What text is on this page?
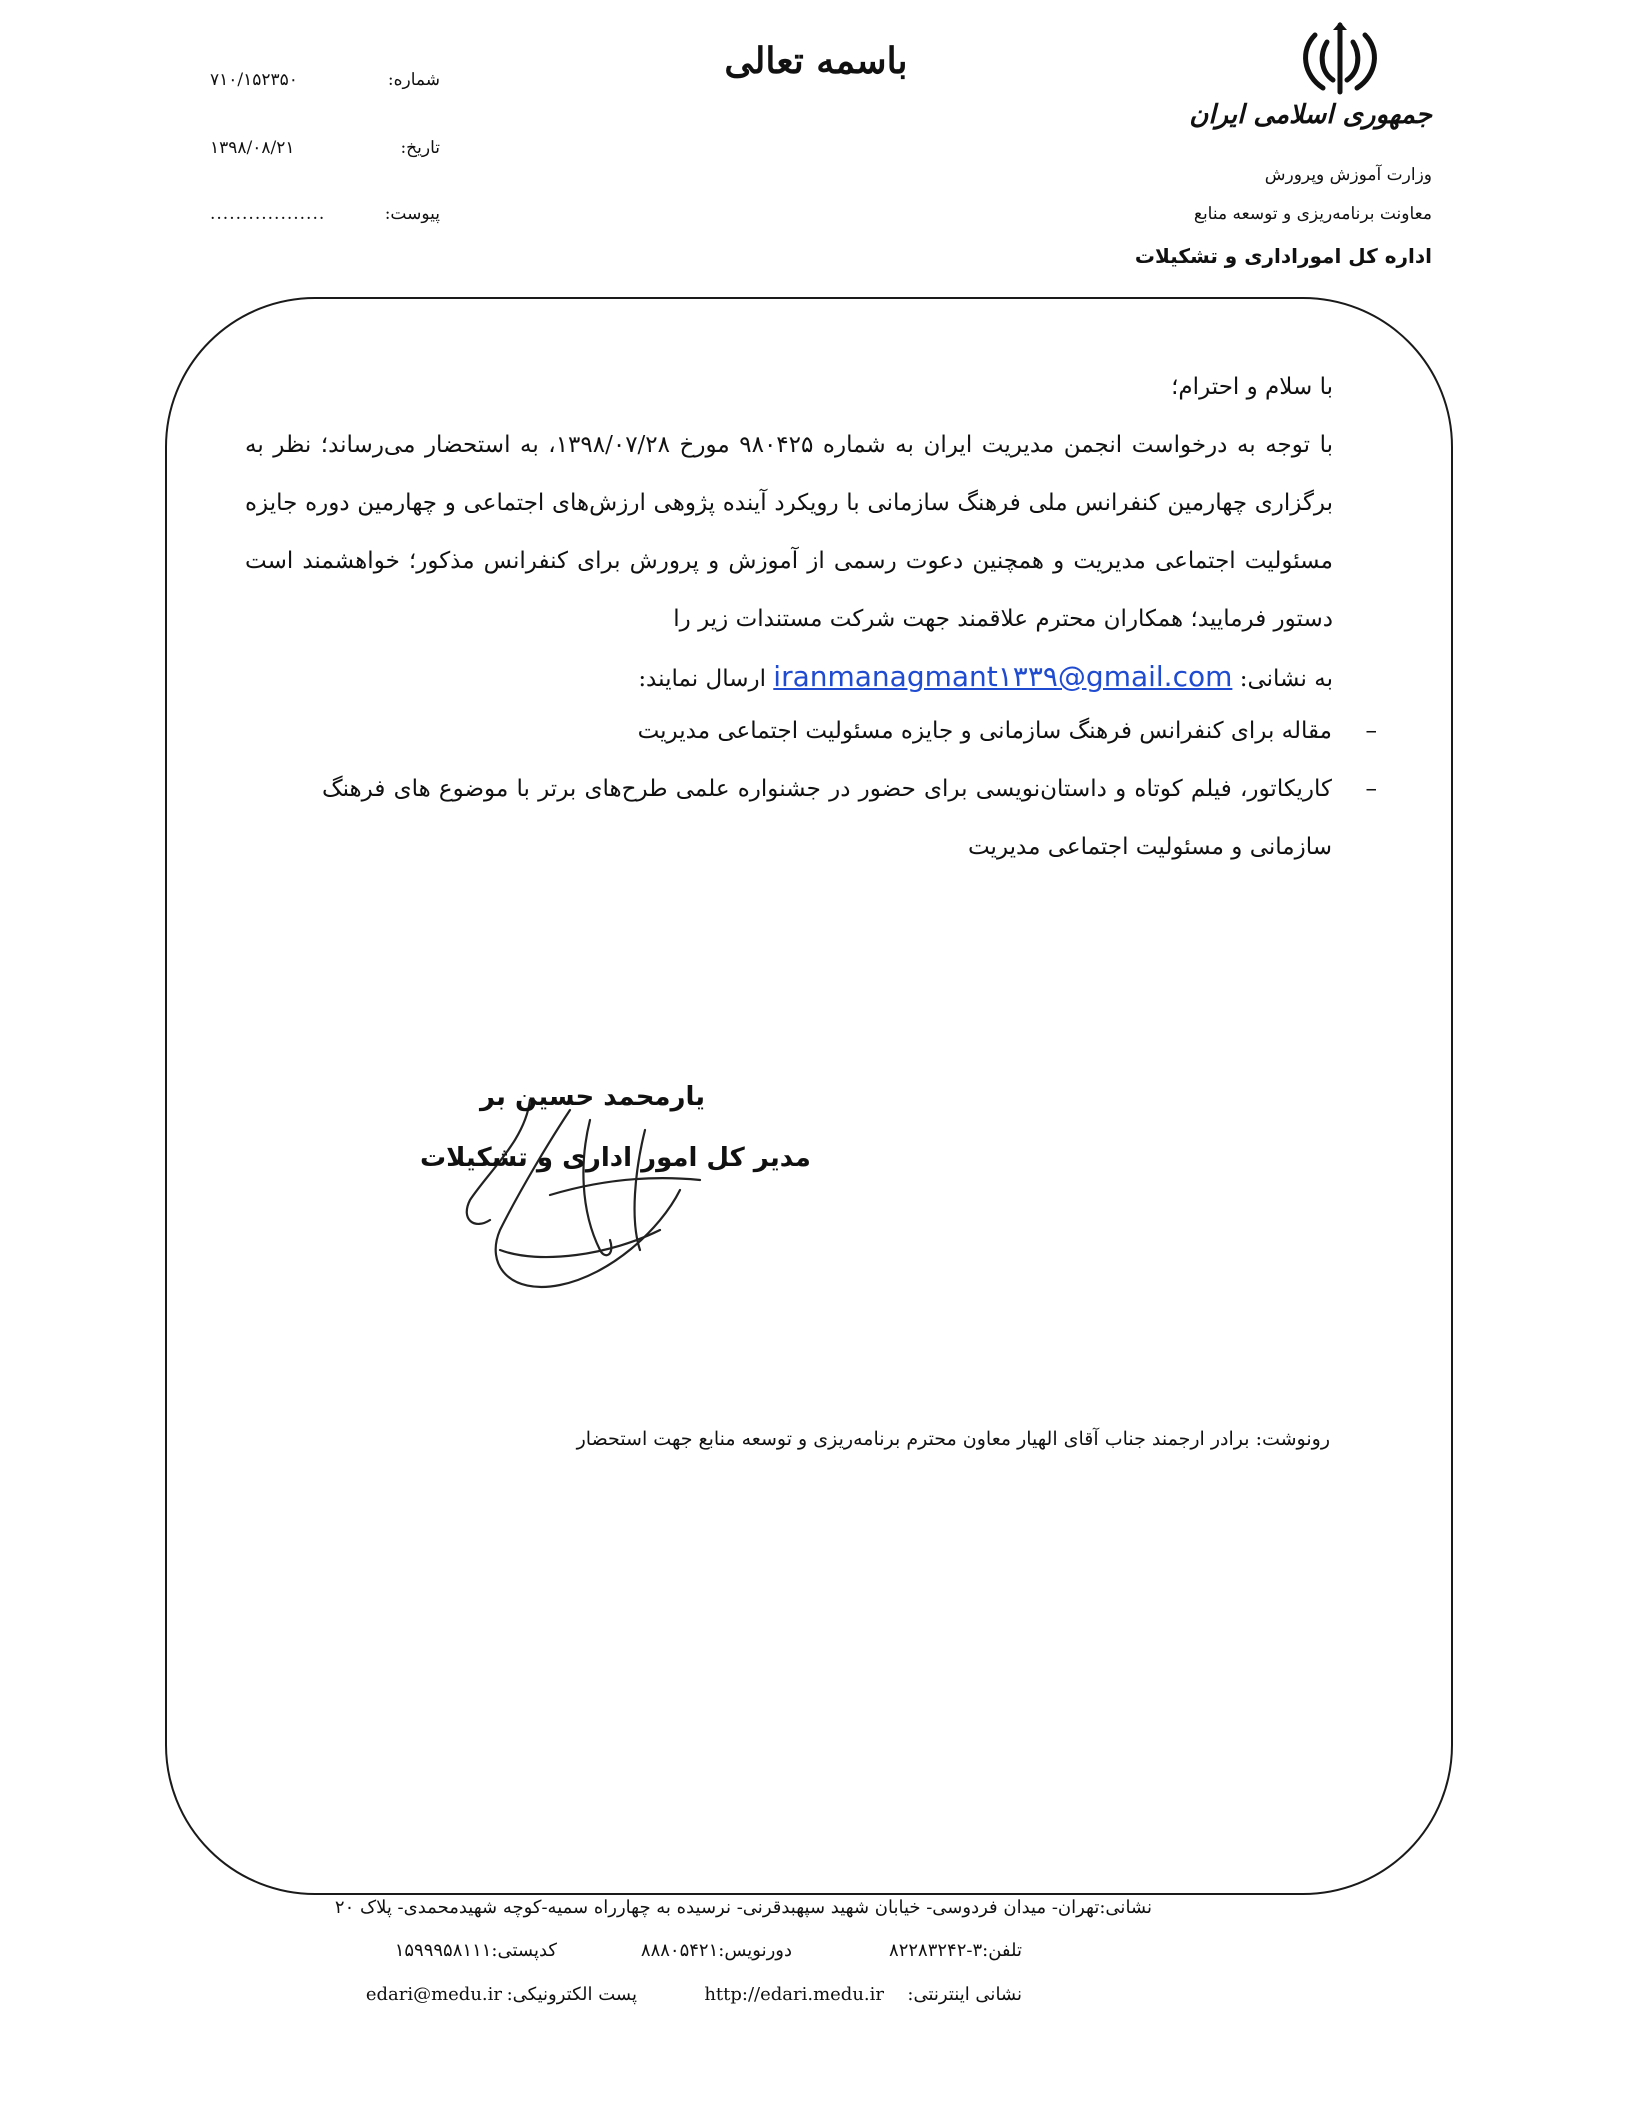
باسمه تعالی
شماره:
۷۱۰/۱۵۲۳۵۰
تاریخ:
۱۳۹۸/۰۸/۲۱
پیوست:
..................
جمهوری اسلامی ایران
وزارت آموزش وپرورش
معاونت برنامه‌ریزی و توسعه منابع
اداره کل اموراداری و تشکیلات

با سلام و احترام؛

با توجه به درخواست انجمن مدیریت ایران به شماره ۹۸۰۴۲۵ مورخ ۱۳۹۸/۰۷/۲۸، به استحضار می‌رساند؛ نظر به برگزاری چهارمین کنفرانس ملی فرهنگ سازمانی با رویکرد آینده پژوهی ارزش‌های اجتماعی و چهارمین دوره جایزه مسئولیت اجتماعی مدیریت و همچنین دعوت رسمی از آموزش و پرورش برای کنفرانس مذکور؛ خواهشمند است دستور فرمایید؛ همکاران محترم علاقمند جهت شرکت مستندات زیر را

به نشانی: iranmanagmant۱۳۳۹@gmail.com ارسال نمایند:

–
مقاله برای کنفرانس فرهنگ سازمانی و جایزه مسئولیت اجتماعی مدیریت
–
کاریکاتور، فیلم کوتاه و داستان‌نویسی برای حضور در جشنواره علمی طرح‌های برتر با موضوع های فرهنگ سازمانی و مسئولیت اجتماعی مدیریت
یارمحمد حسین بر
مدیر کل امور اداری و تشکیلات
رونوشت: برادر ارجمند جناب آقای الهیار معاون محترم برنامه‌ریزی و توسعه منابع جهت استحضار
نشانی:تهران- میدان فردوسی- خیابان شهید سپهبدقرنی- نرسیده به چهارراه سمیه-کوچه شهیدمحمدی- پلاک ۲۰
تلفن:۳-۸۲۲۸۳۲۴۲
دورنویس:۸۸۸۰۵۴۲۱
کدپستی:۱۵۹۹۹۵۸۱۱۱
نشانی اینترنتی:
http://edari.medu.ir
پست الکترونیکی:
edari@medu.ir
